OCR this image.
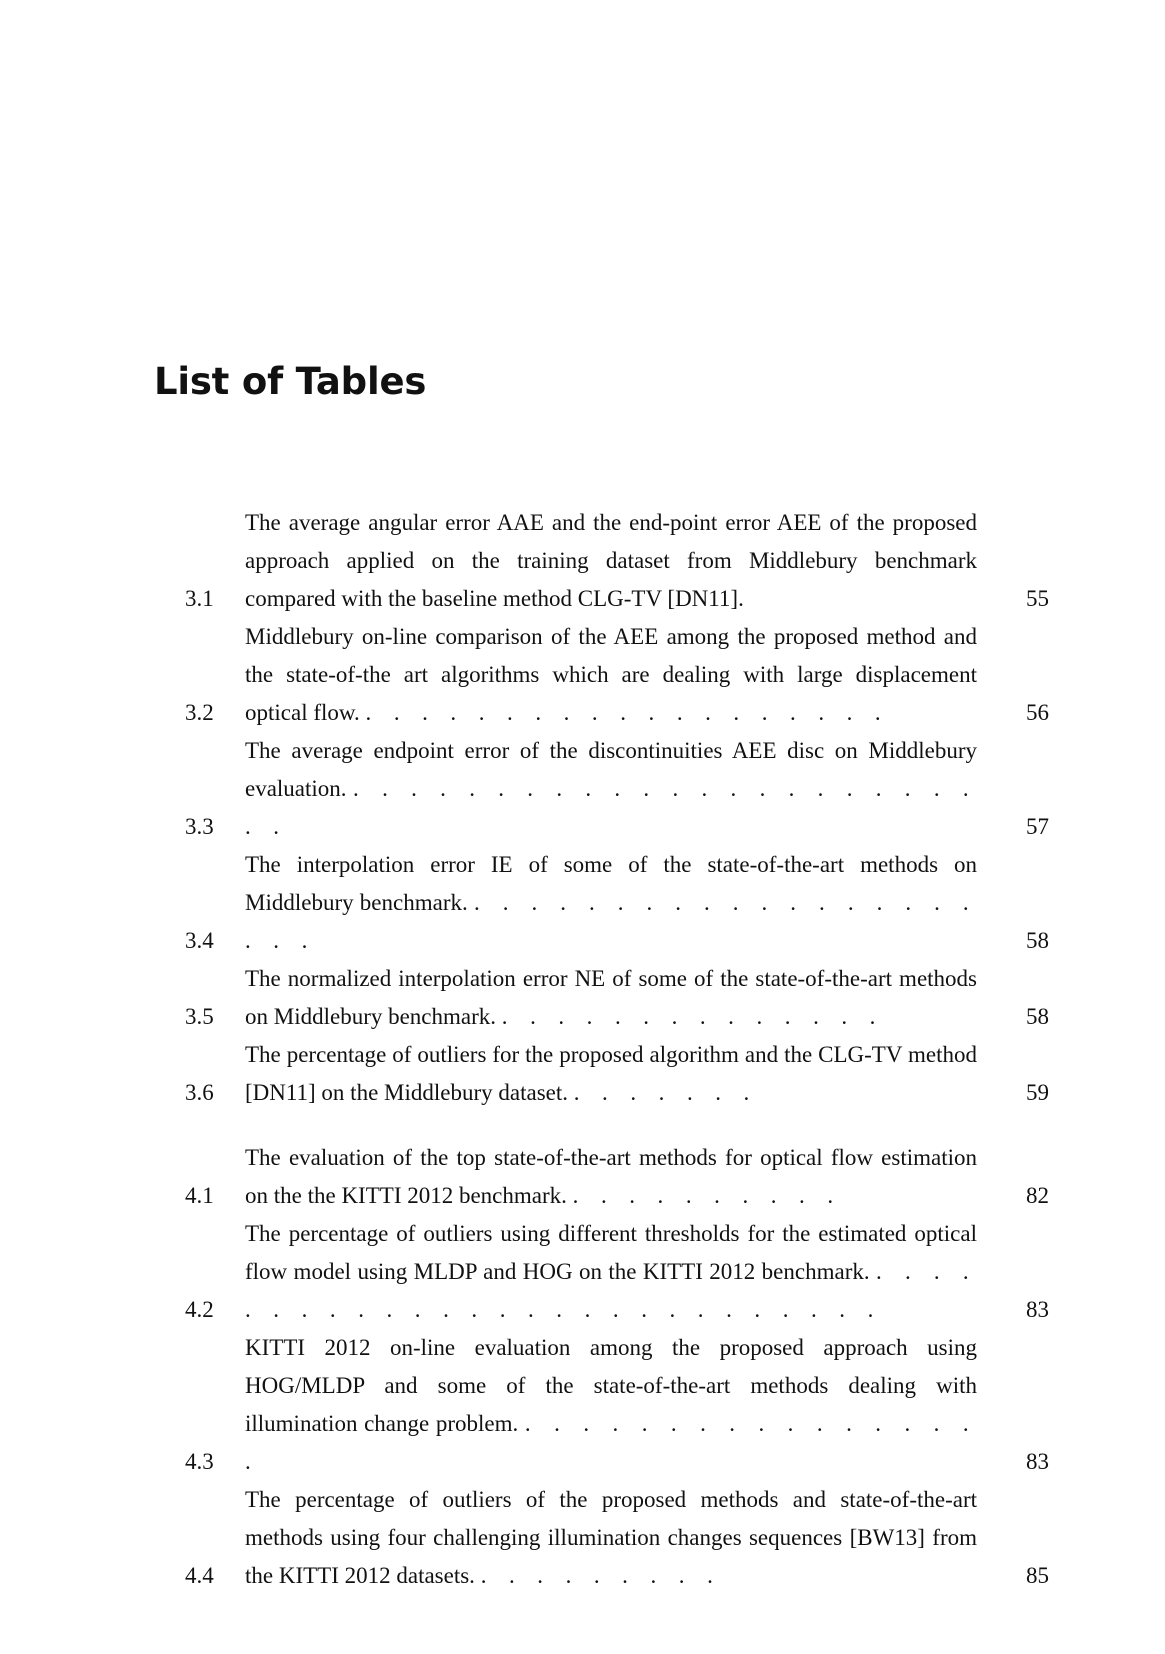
List of Tables
3.1
The average angular error AAE and the end-point error AEE of the proposed approach applied on the training dataset from Middlebury benchmark compared with the baseline method CLG-TV [DN11].	55
3.2
Middlebury on-line comparison of the AEE among the proposed method and the state-of-the art algorithms which are dealing with large displacement optical flow. . . . . . . . . . . . . . . . . . . .	56
3.3
The average endpoint error of the discontinuities AEE disc on Middlebury evaluation. . . . . . . . . . . . . . . . . . . . . . . . .	57
3.4
The interpolation error IE of some of the state-of-the-art methods on Middlebury benchmark. . . . . . . . . . . . . . . . . . . . . .	58
3.5
The normalized interpolation error NE of some of the state-of-the-art methods on Middlebury benchmark. . . . . . . . . . . . . . .	58
3.6
The percentage of outliers for the proposed algorithm and the CLG-TV method [DN11] on the Middlebury dataset. . . . . . . .	59
4.1
The evaluation of the top state-of-the-art methods for optical flow estimation on the the KITTI 2012 benchmark. . . . . . . . . . .	82
4.2
The percentage of outliers using different thresholds for the estimated optical flow model using MLDP and HOG on the KITTI 2012 benchmark. . . . . . . . . . . . . . . . . . . . . . . . . . . .	83
4.3
KITTI 2012 on-line evaluation among the proposed approach using HOG/MLDP and some of the state-of-the-art methods dealing with illumination change problem. . . . . . . . . . . . . . . . . .	83
4.4
The percentage of outliers of the proposed methods and state-of-the-art methods using four challenging illumination changes sequences [BW13] from the KITTI 2012 datasets. . . . . . . . . .	85
